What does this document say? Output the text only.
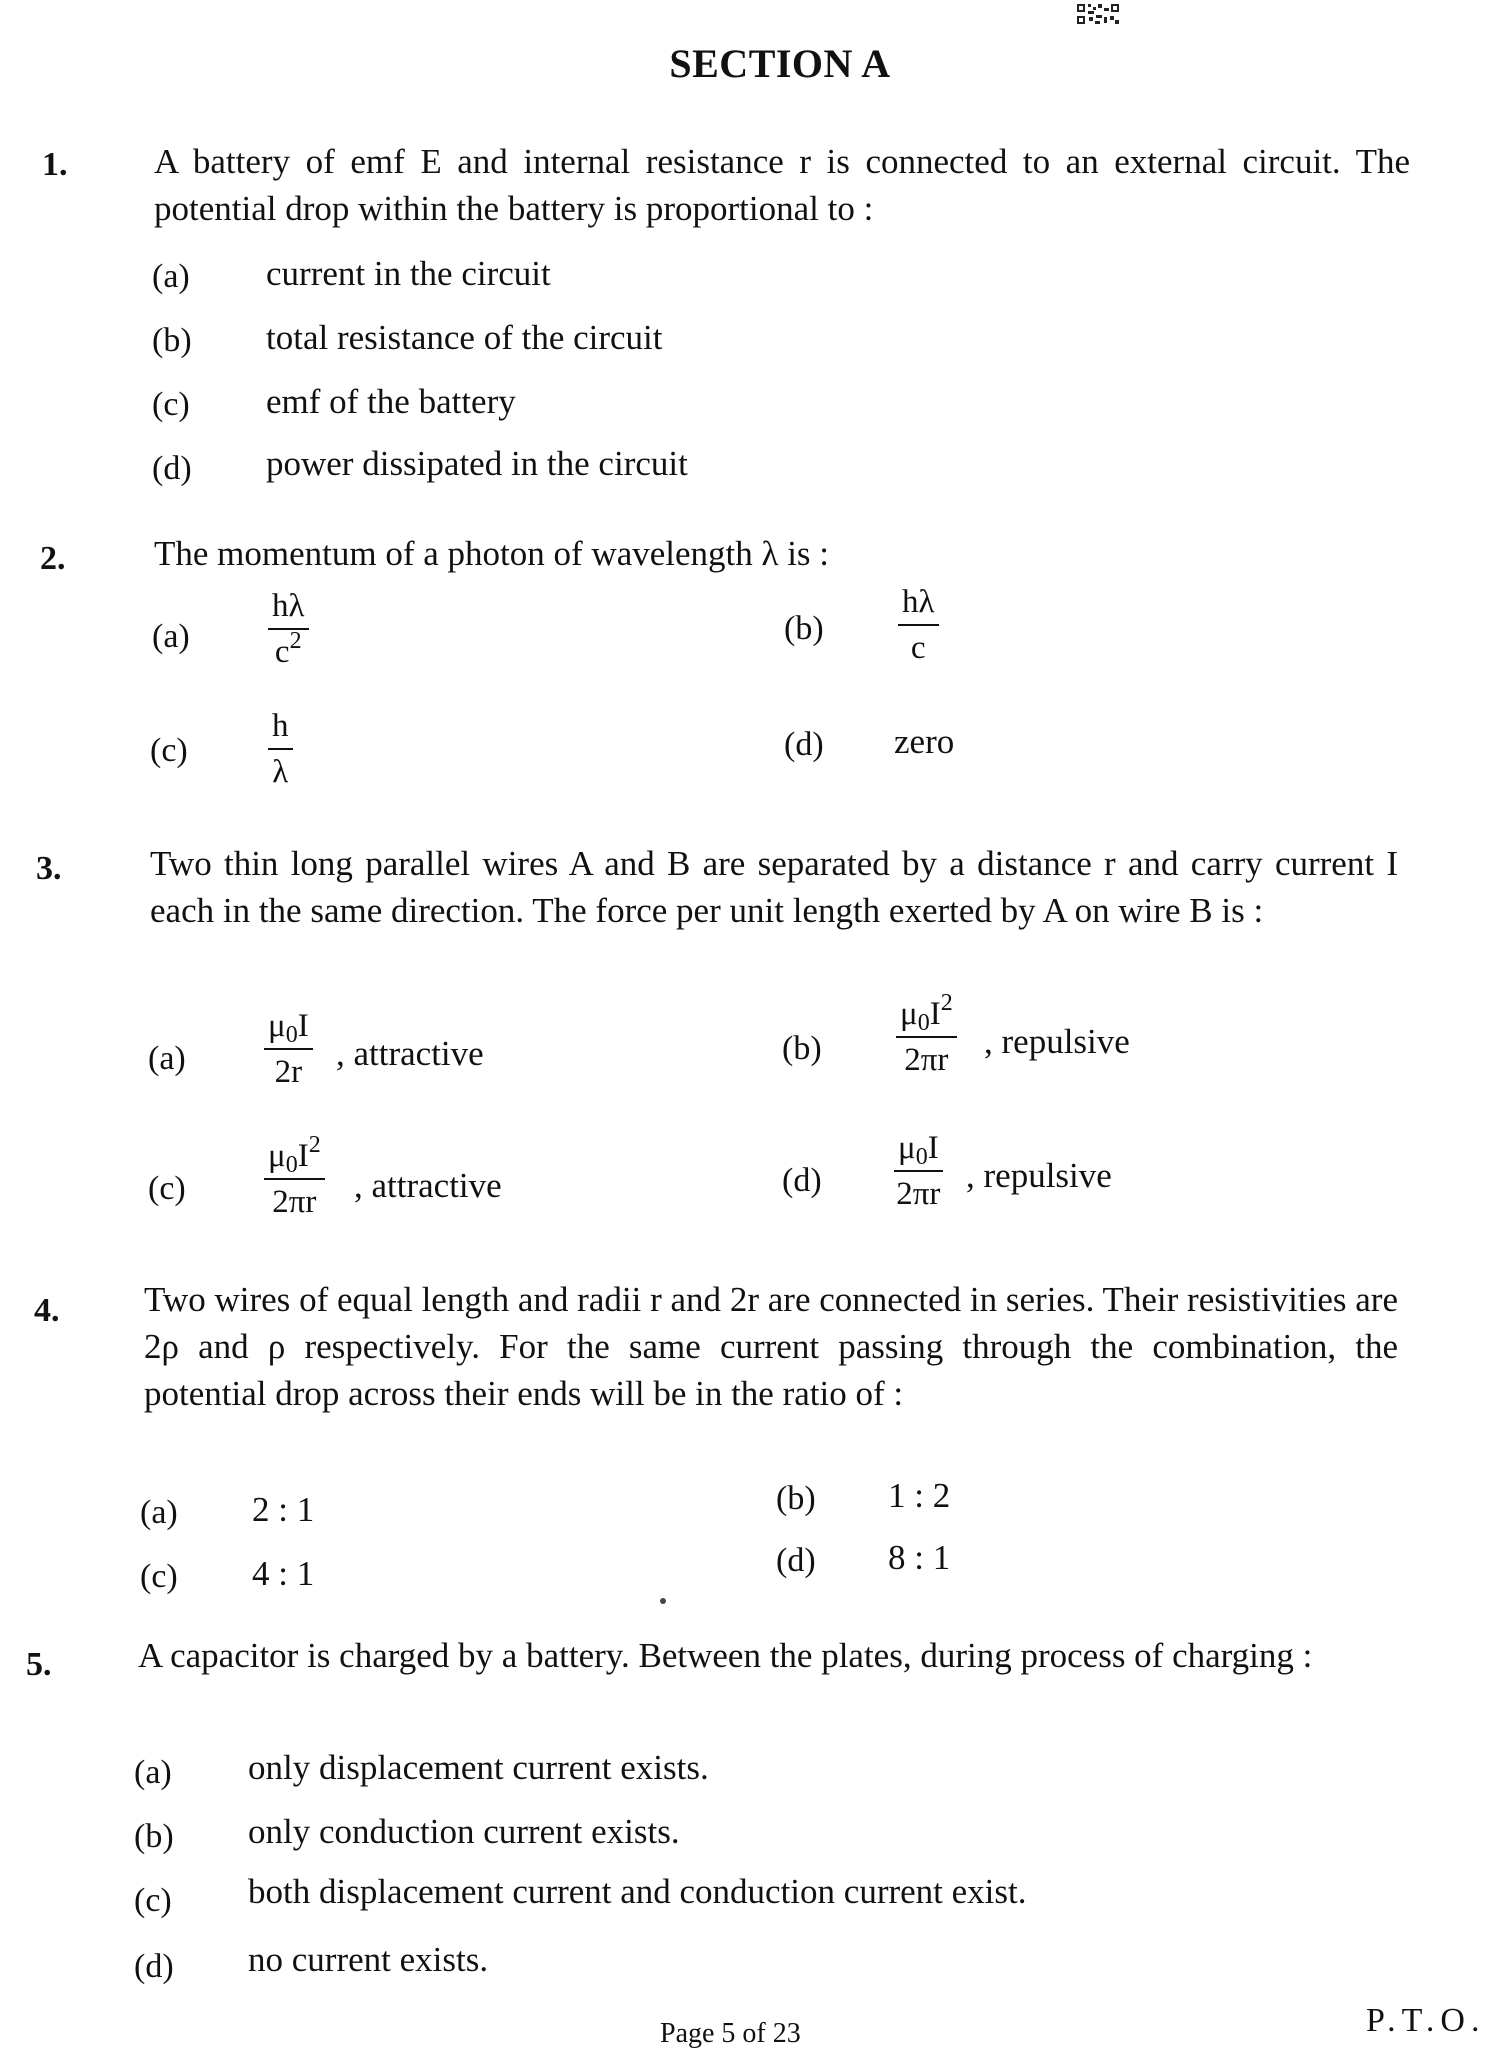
SECTION A
1. A battery of emf E and internal resistance r is connected to an external circuit. The potential drop within the battery is proportional to :
(a) current in the circuit
(b) total resistance of the circuit
(c) emf of the battery
(d) power dissipated in the circuit
2.	The momentum of a photon of wavelength λ is :
$(a) \frac{h\lambda}{c^2}$	$(b) \frac{h\lambda}{c}$
$(c) \frac{h}{\lambda}$	(d) zero
3.	Two thin long parallel wires A and B are separated by a distance r and carry current I each in the same direction. The force per unit length exerted by A on wire B is :
$(a) \frac{\mu_0I}{2r}$ , attractive	$(b) \frac{\mu_0I^2}{2\pi r}$ , repulsive
$(c) \frac{\mu_0I^2}{2\pi r}$ , attractive	$(d) \frac{\mu_0I}{2\pi r}$ , repulsive
4. Two wires of equal length and radii r and 2r are connected in series. Their resistivities are 2ρ and ρ respectively. For the same current passing through the combination, the potential drop across their ends will be in the ratio of :
(a) 2 : 1	(b) 1 : 2
(c) 4 : 1	(d) 8 : 1
5. A capacitor is charged by a battery. Between the plates, during process of charging :
(a) only displacement current exists.
(b) only conduction current exists.
(c) both displacement current and conduction current exist.
(d) no current exists.
Page 5 of 23	P.T.O.
